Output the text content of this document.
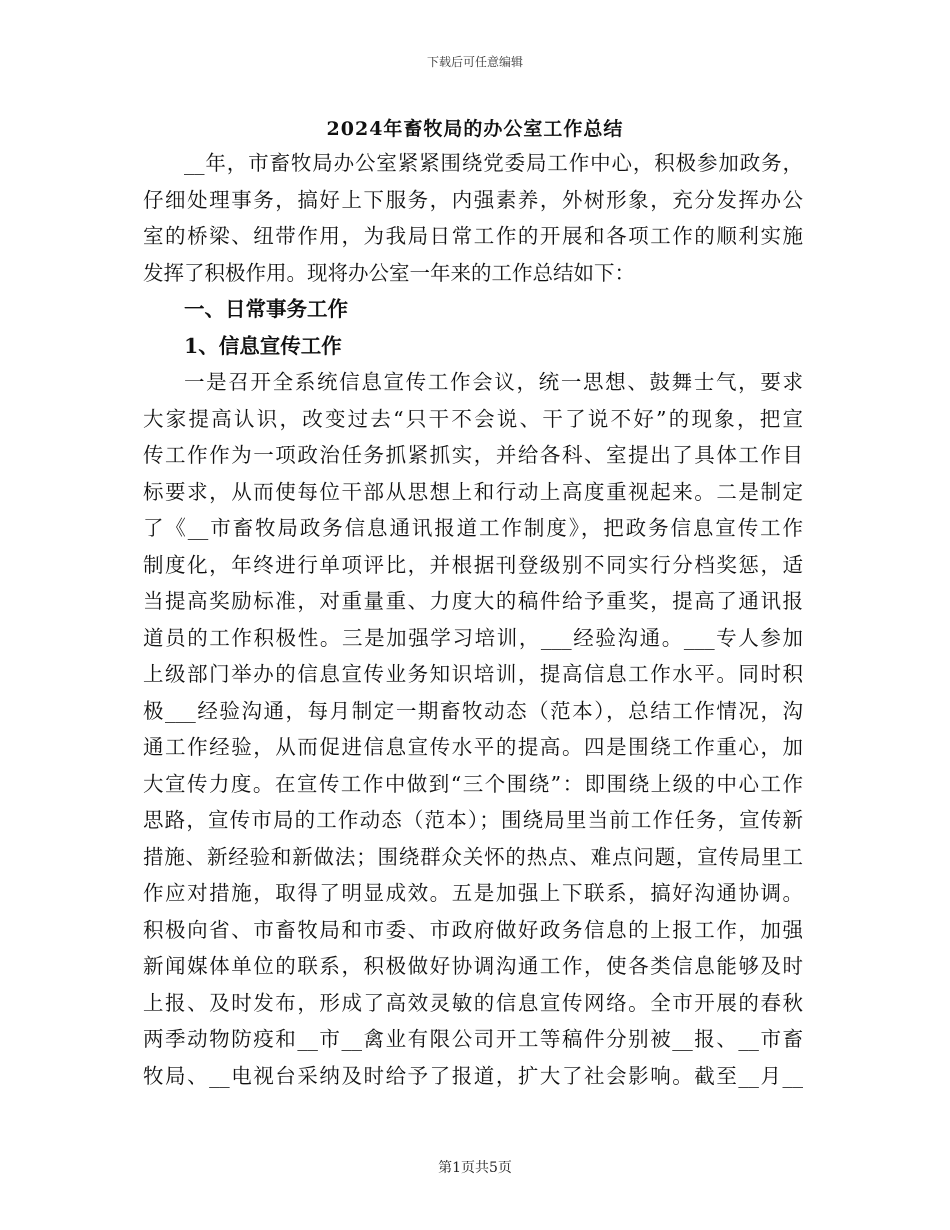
下载后可任意编辑
2024年畜牧局的办公室工作总结
__年，市畜牧局办公室紧紧围绕党委局工作中心，积极参加政务，
仔细处理事务，搞好上下服务，内强素养，外树形象，充分发挥办公
室的桥梁、纽带作用，为我局日常工作的开展和各项工作的顺利实施
发挥了积极作用。现将办公室一年来的工作总结如下：
一、日常事务工作
1、信息宣传工作
一是召开全系统信息宣传工作会议，统一思想、鼓舞士气，要求
大家提高认识，改变过去“只干不会说、干了说不好”的现象，把宣
传工作作为一项政治任务抓紧抓实，并给各科、室提出了具体工作目
标要求，从而使每位干部从思想上和行动上高度重视起来。二是制定
了《__市畜牧局政务信息通讯报道工作制度》，把政务信息宣传工作
制度化，年终进行单项评比，并根据刊登级别不同实行分档奖惩，适
当提高奖励标准，对重量重、力度大的稿件给予重奖，提高了通讯报
道员的工作积极性。三是加强学习培训，___经验沟通。___专人参加
上级部门举办的信息宣传业务知识培训，提高信息工作水平。同时积
极___经验沟通，每月制定一期畜牧动态（范本），总结工作情况，沟
通工作经验，从而促进信息宣传水平的提高。四是围绕工作重心，加
大宣传力度。在宣传工作中做到“三个围绕”：即围绕上级的中心工作
思路，宣传市局的工作动态（范本）；围绕局里当前工作任务，宣传新
措施、新经验和新做法；围绕群众关怀的热点、难点问题，宣传局里工
作应对措施，取得了明显成效。五是加强上下联系，搞好沟通协调。
积极向省、市畜牧局和市委、市政府做好政务信息的上报工作，加强
新闻媒体单位的联系，积极做好协调沟通工作，使各类信息能够及时
上报、及时发布，形成了高效灵敏的信息宣传网络。全市开展的春秋
两季动物防疫和__市__禽业有限公司开工等稿件分别被__报、__市畜
牧局、__电视台采纳及时给予了报道，扩大了社会影响。截至__月__
第1页共5页
